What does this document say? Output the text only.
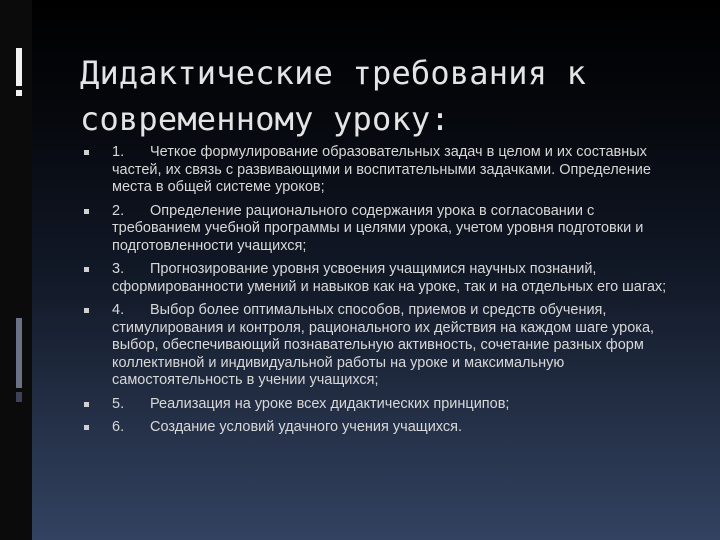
Дидактические требования к современному уроку:
1. Четкое формулирование образовательных задач в целом и их составных частей, их связь с развивающими и воспитательными задачками. Определение места в общей системе уроков;
2. Определение рационального содержания урока в согласовании с требованием учебной программы и целями урока, учетом уровня подготовки и подготовленности учащихся;
3. Прогнозирование уровня усвоения учащимися научных познаний, сформированности умений и навыков как на уроке, так и на отдельных его шагах;
4. Выбор более оптимальных способов, приемов и средств обучения, стимулирования и контроля, рационального их действия на каждом шаге урока, выбор, обеспечивающий познавательную активность, сочетание разных форм коллективной и индивидуальной работы на уроке и максимальную самостоятельность в учении учащихся;
5. Реализация на уроке всех дидактических принципов;
6. Создание условий удачного учения учащихся.
